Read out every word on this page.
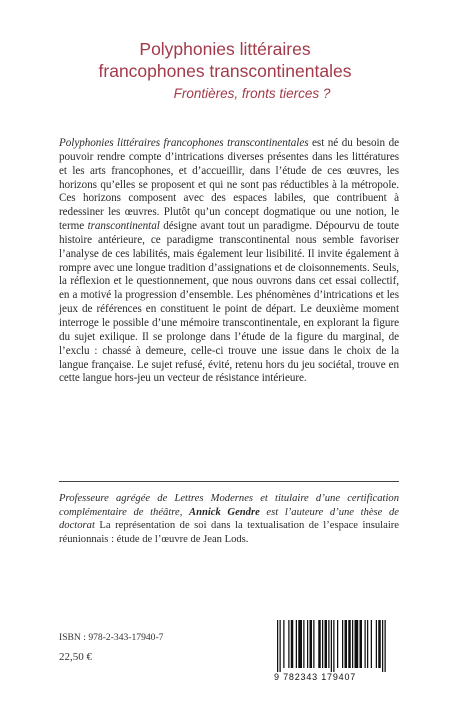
Polyphonies littéraires
francophones transcontinentales
Frontières, fronts tierces ?

Polyphonies littéraires francophones transcontinentales est né du besoin de pouvoir rendre compte d’intrications diverses présentes dans les littératures et les arts francophones, et d’accueillir, dans l’étude de ces œuvres, les horizons qu’elles se proposent et qui ne sont pas réductibles à la métropole. Ces horizons composent avec des espaces labiles, que contribuent à redessiner les œuvres. Plutôt qu’un concept dogmatique ou une notion, le terme transcontinental désigne avant tout un paradigme. Dépourvu de toute histoire antérieure, ce paradigme transcontinental nous semble favoriser l’analyse de ces labilités, mais également leur lisibilité. Il invite également à rompre avec une longue tradition d’assignations et de cloisonnements. Seuls, la réflexion et le questionnement, que nous ouvrons dans cet essai collectif, en a motivé la progression d’ensemble. Les phénomènes d’intrications et les jeux de références en constituent le point de départ. Le deuxième moment interroge le possible d’une mémoire transcontinentale, en explorant la figure du sujet exilique. Il se prolonge dans l’étude de la figure du marginal, de l’exclu : chassé à demeure, celle-ci trouve une issue dans le choix de la langue française. Le sujet refusé, évité, retenu hors du jeu sociétal, trouve en cette langue hors-jeu un vecteur de résistance intérieure.

Professeure agrégée de Lettres Modernes et titulaire d’une certification complémentaire de théâtre, Annick Gendre est l’auteure d’une thèse de doctorat La représentation de soi dans la textualisation de l’espace insulaire réunionnais : étude de l’œuvre de Jean Lods.

ISBN : 978-2-343-17940-7
22,50 €
9 782343 179407
